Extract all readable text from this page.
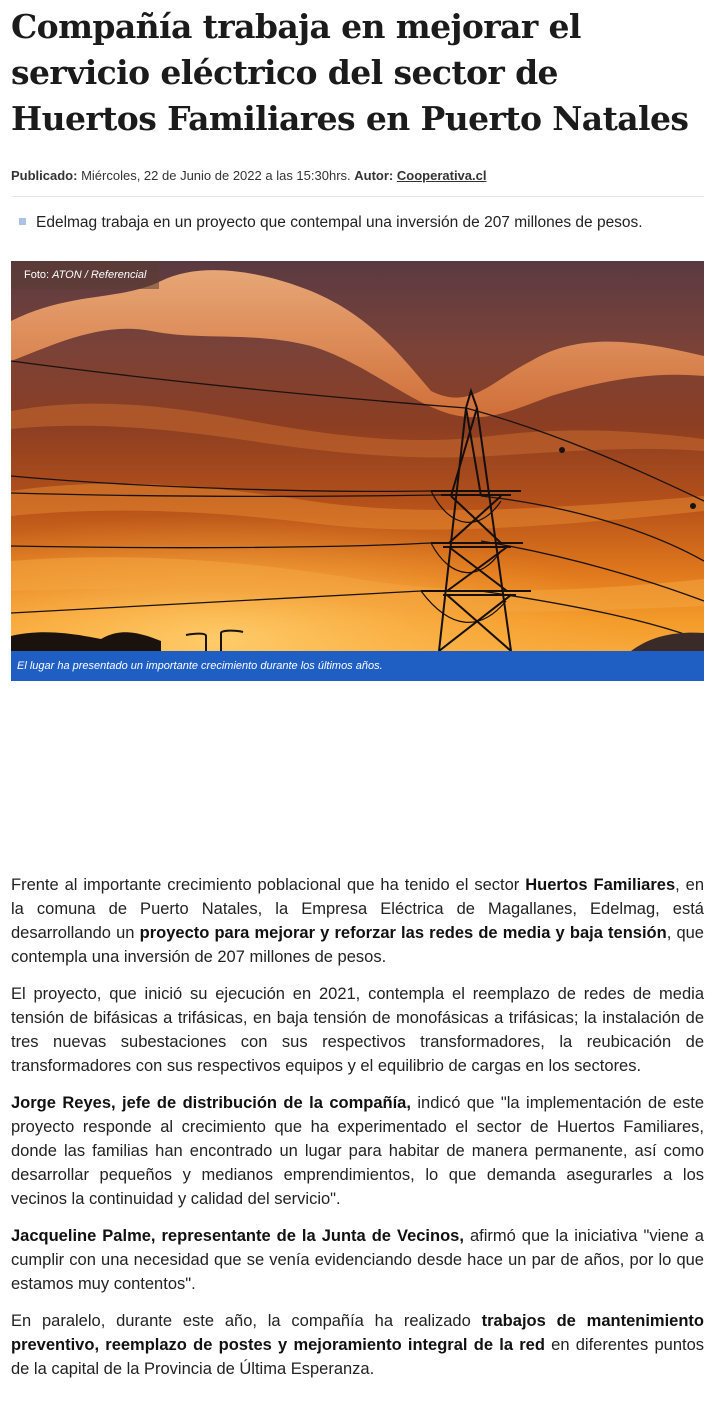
Compañía trabaja en mejorar el servicio eléctrico del sector de Huertos Familiares en Puerto Natales
Publicado: Miércoles, 22 de Junio de 2022 a las 15:30hrs. Autor: Cooperativa.cl
Edelmag trabaja en un proyecto que contempal una inversión de 207 millones de pesos.
Foto: ATON / Referencial
El lugar ha presentado un importante crecimiento durante los últimos años.

Frente al importante crecimiento poblacional que ha tenido el sector Huertos Familiares, en la comuna de Puerto Natales, la Empresa Eléctrica de Magallanes, Edelmag, está desarrollando un proyecto para mejorar y reforzar las redes de media y baja tensión, que contempla una inversión de 207 millones de pesos.

El proyecto, que inició su ejecución en 2021, contempla el reemplazo de redes de media tensión de bifásicas a trifásicas, en baja tensión de monofásicas a trifásicas; la instalación de tres nuevas subestaciones con sus respectivos transformadores, la reubicación de transformadores con sus respectivos equipos y el equilibrio de cargas en los sectores.

Jorge Reyes, jefe de distribución de la compañía, indicó que "la implementación de este proyecto responde al crecimiento que ha experimentado el sector de Huertos Familiares, donde las familias han encontrado un lugar para habitar de manera permanente, así como desarrollar pequeños y medianos emprendimientos, lo que demanda asegurarles a los vecinos la continuidad y calidad del servicio".

Jacqueline Palme, representante de la Junta de Vecinos, afirmó que la iniciativa "viene a cumplir con una necesidad que se venía evidenciando desde hace un par de años, por lo que estamos muy contentos".

En paralelo, durante este año, la compañía ha realizado trabajos de mantenimiento preventivo, reemplazo de postes y mejoramiento integral de la red en diferentes puntos de la capital de la Provincia de Última Esperanza.
